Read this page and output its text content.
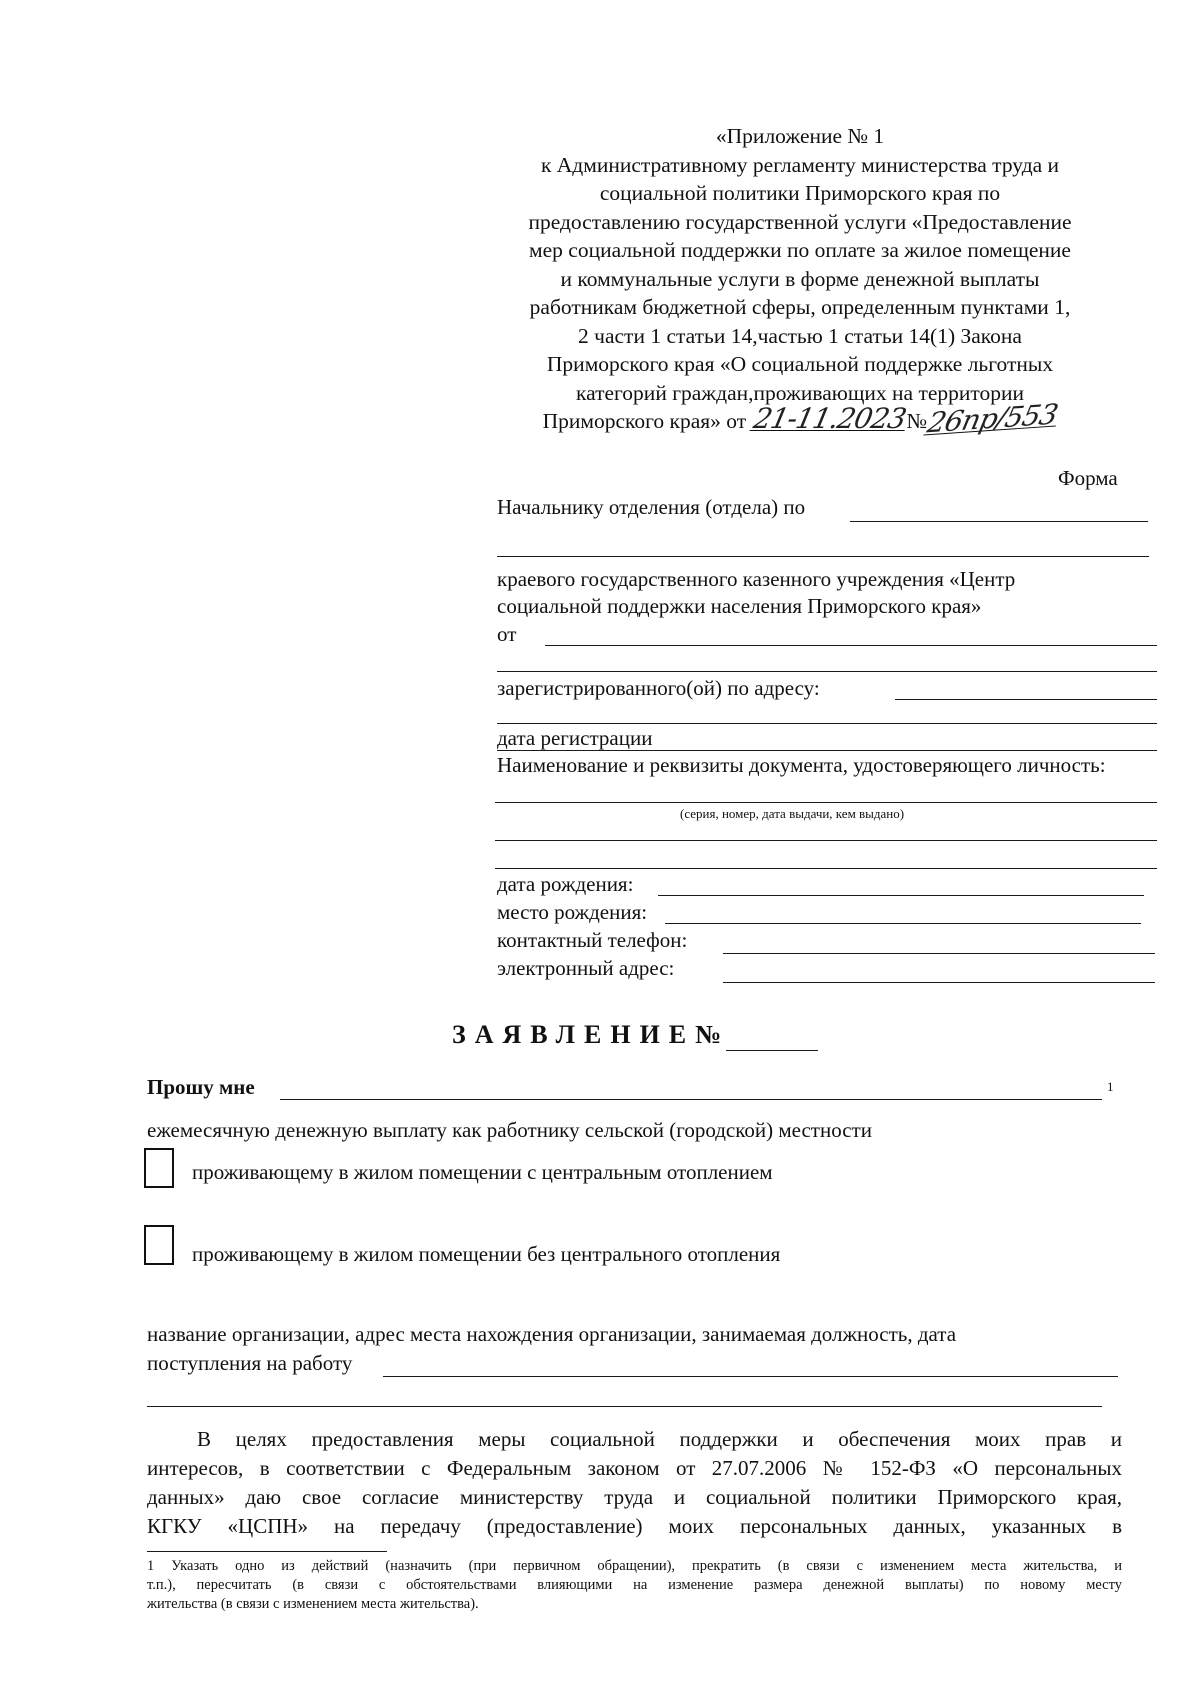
«Приложение № 1
к Административному регламенту министерства труда и
социальной политики Приморского края по
предоставлению государственной услуги «Предоставление
мер социальной поддержки по оплате за жилое помещение
и коммунальные услуги в форме денежной выплаты
работникам бюджетной сферы, определенным пунктами 1,
2 части 1 статьи 14,частью 1 статьи 14(1) Закона
Приморского края «О социальной поддержке льготных
категорий граждан,проживающих на территории
Приморского края» от 21-11.2023№26пр/553
Форма
Начальнику отделения (отдела) по
краевого государственного казенного учреждения «Центр
социальной поддержки населения Приморского края»
от
зарегистрированного(ой) по адресу:
дата регистрации
Наименование и реквизиты документа, удостоверяющего личность:
(серия, номер, дата выдачи, кем выдано)
дата рождения:
место рождения:
контактный телефон:
электронный адрес:
ЗАЯВЛЕНИЕ№
Прошу мне	1
ежемесячную денежную выплату как работнику сельской (городской) местности
проживающему в жилом помещении с центральным отоплением
проживающему в жилом помещении без центрального отопления
название организации, адрес места нахождения организации, занимаемая должность, дата
поступления на работу
В целях предоставления меры социальной поддержки и обеспечения моих прав и
интересов, в соответствии с Федеральным законом от 27.07.2006 № 152-ФЗ «О персональных
данных» даю свое согласие министерству труда и социальной политики Приморского края,
КГКУ «ЦСПН» на передачу (предоставление) моих персональных данных, указанных в
1 Указать одно из действий (назначить (при первичном обращении), прекратить (в связи с изменением места жительства, и
т.п.), пересчитать (в связи с обстоятельствами влияющими на изменение размера денежной выплаты) по новому месту
жительства (в связи с изменением места жительства).
